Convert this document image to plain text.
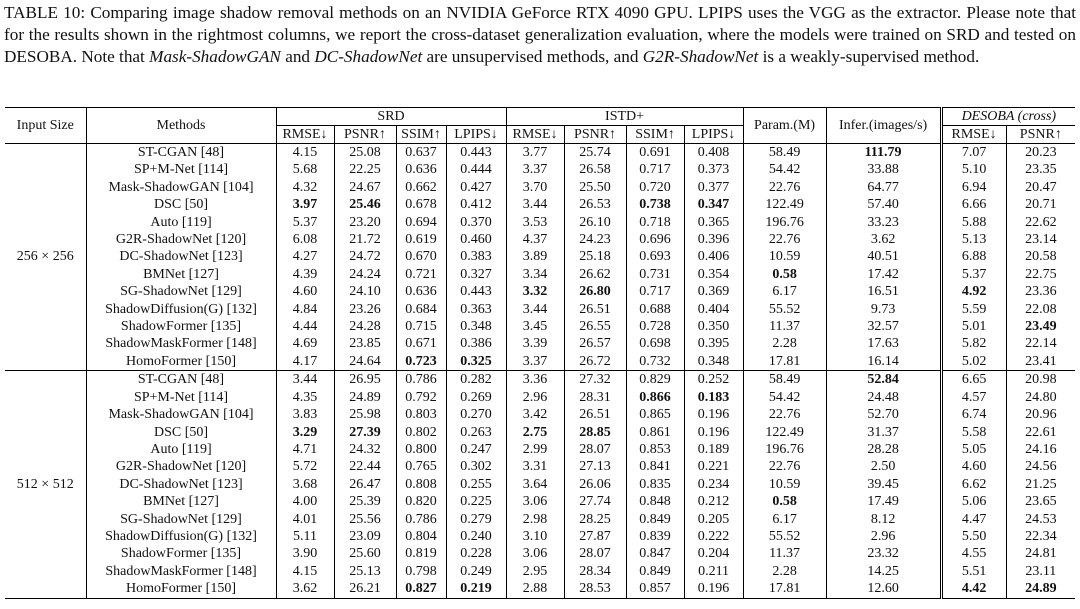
TABLE 10: Comparing image shadow removal methods on an NVIDIA GeForce RTX 4090 GPU. LPIPS uses the VGG as the extractor. Please note that for the results shown in the rightmost columns, we report the cross-dataset generalization evaluation, where the models were trained on SRD and tested on DESOBA. Note that Mask-ShadowGAN and DC-ShadowNet are unsupervised methods, and G2R-ShadowNet is a weakly-supervised method.
Input Size	Methods	SRD				ISTD+				Param.(M)	Infer.(images/s)	DESOBA (cross)	
		RMSE↓	PSNR↑	SSIM↑	LPIPS↓	RMSE↓	PSNR↑	SSIM↑	LPIPS↓			RMSE↓	PSNR↑
256 × 256	ST-CGAN [48]	4.15	25.08	0.637	0.443	3.77	25.74	0.691	0.408	58.49	111.79	7.07	20.23
	SP+M-Net [114]	5.68	22.25	0.636	0.444	3.37	26.58	0.717	0.373	54.42	33.88	5.10	23.35
	Mask-ShadowGAN [104]	4.32	24.67	0.662	0.427	3.70	25.50	0.720	0.377	22.76	64.77	6.94	20.47
	DSC [50]	3.97	25.46	0.678	0.412	3.44	26.53	0.738	0.347	122.49	57.40	6.66	20.71
	Auto [119]	5.37	23.20	0.694	0.370	3.53	26.10	0.718	0.365	196.76	33.23	5.88	22.62
	G2R-ShadowNet [120]	6.08	21.72	0.619	0.460	4.37	24.23	0.696	0.396	22.76	3.62	5.13	23.14
	DC-ShadowNet [123]	4.27	24.72	0.670	0.383	3.89	25.18	0.693	0.406	10.59	40.51	6.88	20.58
	BMNet [127]	4.39	24.24	0.721	0.327	3.34	26.62	0.731	0.354	0.58	17.42	5.37	22.75
	SG-ShadowNet [129]	4.60	24.10	0.636	0.443	3.32	26.80	0.717	0.369	6.17	16.51	4.92	23.36
	ShadowDiffusion(G) [132]	4.84	23.26	0.684	0.363	3.44	26.51	0.688	0.404	55.52	9.73	5.59	22.08
	ShadowFormer [135]	4.44	24.28	0.715	0.348	3.45	26.55	0.728	0.350	11.37	32.57	5.01	23.49
	ShadowMaskFormer [148]	4.69	23.85	0.671	0.386	3.39	26.57	0.698	0.395	2.28	17.63	5.82	22.14
	HomoFormer [150]	4.17	24.64	0.723	0.325	3.37	26.72	0.732	0.348	17.81	16.14	5.02	23.41
512 × 512	ST-CGAN [48]	3.44	26.95	0.786	0.282	3.36	27.32	0.829	0.252	58.49	52.84	6.65	20.98
	SP+M-Net [114]	4.35	24.89	0.792	0.269	2.96	28.31	0.866	0.183	54.42	24.48	4.57	24.80
	Mask-ShadowGAN [104]	3.83	25.98	0.803	0.270	3.42	26.51	0.865	0.196	22.76	52.70	6.74	20.96
	DSC [50]	3.29	27.39	0.802	0.263	2.75	28.85	0.861	0.196	122.49	31.37	5.58	22.61
	Auto [119]	4.71	24.32	0.800	0.247	2.99	28.07	0.853	0.189	196.76	28.28	5.05	24.16
	G2R-ShadowNet [120]	5.72	22.44	0.765	0.302	3.31	27.13	0.841	0.221	22.76	2.50	4.60	24.56
	DC-ShadowNet [123]	3.68	26.47	0.808	0.255	3.64	26.06	0.835	0.234	10.59	39.45	6.62	21.25
	BMNet [127]	4.00	25.39	0.820	0.225	3.06	27.74	0.848	0.212	0.58	17.49	5.06	23.65
	SG-ShadowNet [129]	4.01	25.56	0.786	0.279	2.98	28.25	0.849	0.205	6.17	8.12	4.47	24.53
	ShadowDiffusion(G) [132]	5.11	23.09	0.804	0.240	3.10	27.87	0.839	0.222	55.52	2.96	5.50	22.34
	ShadowFormer [135]	3.90	25.60	0.819	0.228	3.06	28.07	0.847	0.204	11.37	23.32	4.55	24.81
	ShadowMaskFormer [148]	4.15	25.13	0.798	0.249	2.95	28.34	0.849	0.211	2.28	14.25	5.51	23.11
	HomoFormer [150]	3.62	26.21	0.827	0.219	2.88	28.53	0.857	0.196	17.81	12.60	4.42	24.89
